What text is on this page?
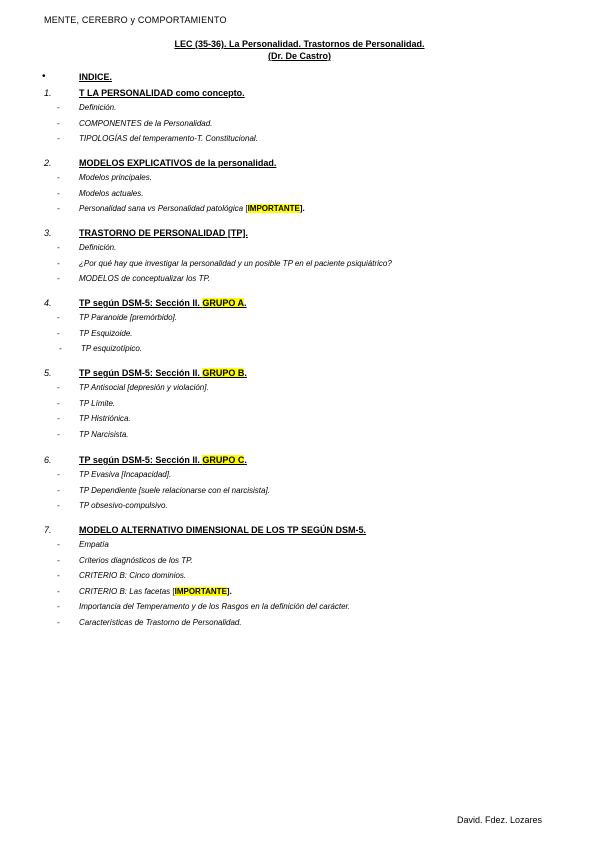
MENTE, CEREBRO y COMPORTAMIENTO
LEC (35-36). La Personalidad. Trastornos de Personalidad.
(Dr. De Castro)
•	INDICE.
1.	T LA PERSONALIDAD como concepto.
- Definición.
- COMPONENTES de la Personalidad.
- TIPOLOGÍAS del temperamento-T. Constitucional.
2.	MODELOS EXPLICATIVOS de la personalidad.
- Modelos principales.
- Modelos actuales.
- Personalidad sana vs Personalidad patológica [IMPORTANTE].
3.	TRASTORNO DE PERSONALIDAD [TP].
- Definición.
- ¿Por qué hay que investigar la personalidad y un posible TP en el paciente psiquiátrico?
- MODELOS de conceptualizar los TP.
4.	TP según DSM-5: Sección II. GRUPO A.
- TP Paranoide [premórbido].
- TP Esquizoide.
- TP esquizotípico.
5.	TP según DSM-5: Sección II. GRUPO B.
- TP Antisocial [depresión y violación].
- TP Límite.
- TP Histriónica.
- TP Narcisista.
6.	TP según DSM-5: Sección II. GRUPO C.
- TP Evasiva [Incapacidad].
- TP Dependiente [suele relacionarse con el narcisista].
- TP obsesivo-compulsivo.
7.	MODELO ALTERNATIVO DIMENSIONAL DE LOS TP SEGÚN DSM-5.
- Empatía
- Criterios diagnósticos de los TP.
- CRITERIO B: Cinco dominios.
- CRITERIO B: Las facetas [IMPORTANTE].
- Importancia del Temperamento y de los Rasgos en la definición del carácter.
- Características de Trastorno de Personalidad.
David. Fdez. Lozares
